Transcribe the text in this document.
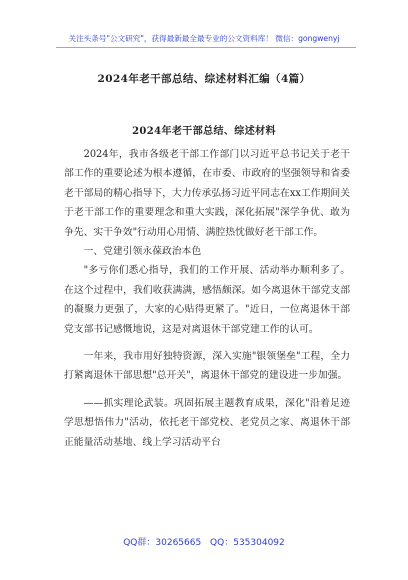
关注头条号"公文研究"，获得最新最全最专业的公文资料库！ 微信：gongwenyj
2024年老干部总结、综述材料汇编（4篇）
2024年老干部总结、综述材料

2024年，我市各级老干部工作部门以习近平总书记关于老干部工作的重要论述为根本遵循，在市委、市政府的坚强领导和省委老干部局的精心指导下，大力传承弘扬习近平同志在xx工作期间关于老干部工作的重要理念和重大实践，深化拓展"深学争优、敢为争先、实干争效"行动用心用情、满腔热忱做好老干部工作。

一、党建引领永葆政治本色

"多亏你们悉心指导，我们的工作开展、活动举办顺利多了。在这个过程中，我们收获满满，感悟颇深。如今离退休干部党支部的凝聚力更强了，大家的心贴得更紧了。"近日，一位离退休干部党支部书记感慨地说，这是对离退休干部党建工作的认可。

一年来，我市用好独特资源，深入实施"银领堡垒"工程，全力打紧离退休干部思想"总开关"，离退休干部党的建设进一步加强。

——抓实理论武装。巩固拓展主题教育成果，深化"沿着足迹学思想悟伟力"活动，依托老干部党校、老党员之家、离退休干部正能量活动基地、线上学习活动平台

QQ群：30265665 QQ：535304092
